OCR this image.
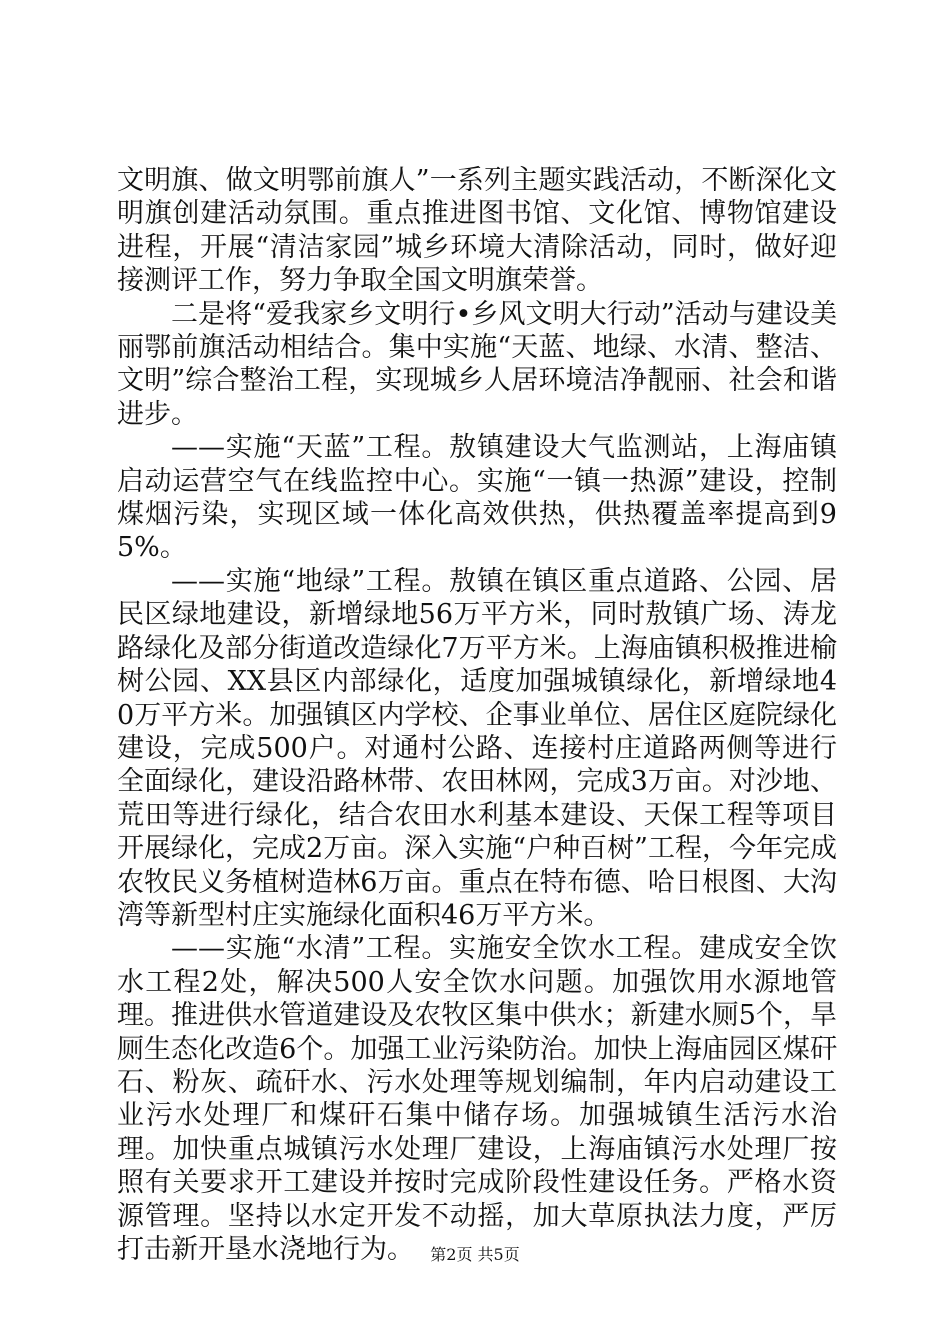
文明旗、做文明鄂前旗人”一系列主题实践活动，不断深化文明旗创建活动氛围。重点推进图书馆、文化馆、博物馆建设进程，开展“清洁家园”城乡环境大清除活动，同时，做好迎接测评工作，努力争取全国文明旗荣誉。

二是将“爱我家乡文明行•乡风文明大行动”活动与建设美丽鄂前旗活动相结合。集中实施“天蓝、地绿、水清、整洁、文明”综合整治工程，实现城乡人居环境洁净靓丽、社会和谐进步。

——实施“天蓝”工程。敖镇建设大气监测站，上海庙镇启动运营空气在线监控中心。实施“一镇一热源”建设，控制煤烟污染，实现区域一体化高效供热，供热覆盖率提高到95%。

——实施“地绿”工程。敖镇在镇区重点道路、公园、居民区绿地建设，新增绿地56万平方米，同时敖镇广场、涛龙路绿化及部分街道改造绿化7万平方米。上海庙镇积极推进榆树公园、XX县区内部绿化，适度加强城镇绿化，新增绿地40万平方米。加强镇区内学校、企事业单位、居住区庭院绿化建设，完成500户。对通村公路、连接村庄道路两侧等进行全面绿化，建设沿路林带、农田林网，完成3万亩。对沙地、荒田等进行绿化，结合农田水利基本建设、天保工程等项目开展绿化，完成2万亩。深入实施“户种百树”工程，今年完成农牧民义务植树造林6万亩。重点在特布德、哈日根图、大沟湾等新型村庄实施绿化面积46万平方米。

——实施“水清”工程。实施安全饮水工程。建成安全饮水工程2处，解决500人安全饮水问题。加强饮用水源地管理。推进供水管道建设及农牧区集中供水；新建水厕5个，旱厕生态化改造6个。加强工业污染防治。加快上海庙园区煤矸石、粉灰、疏矸水、污水处理等规划编制，年内启动建设工业污水处理厂和煤矸石集中储存场。加强城镇生活污水治理。加快重点城镇污水处理厂建设，上海庙镇污水处理厂按照有关要求开工建设并按时完成阶段性建设任务。严格水资源管理。坚持以水定开发不动摇，加大草原执法力度，严厉打击新开垦水浇地行为。	第2页 共5页
